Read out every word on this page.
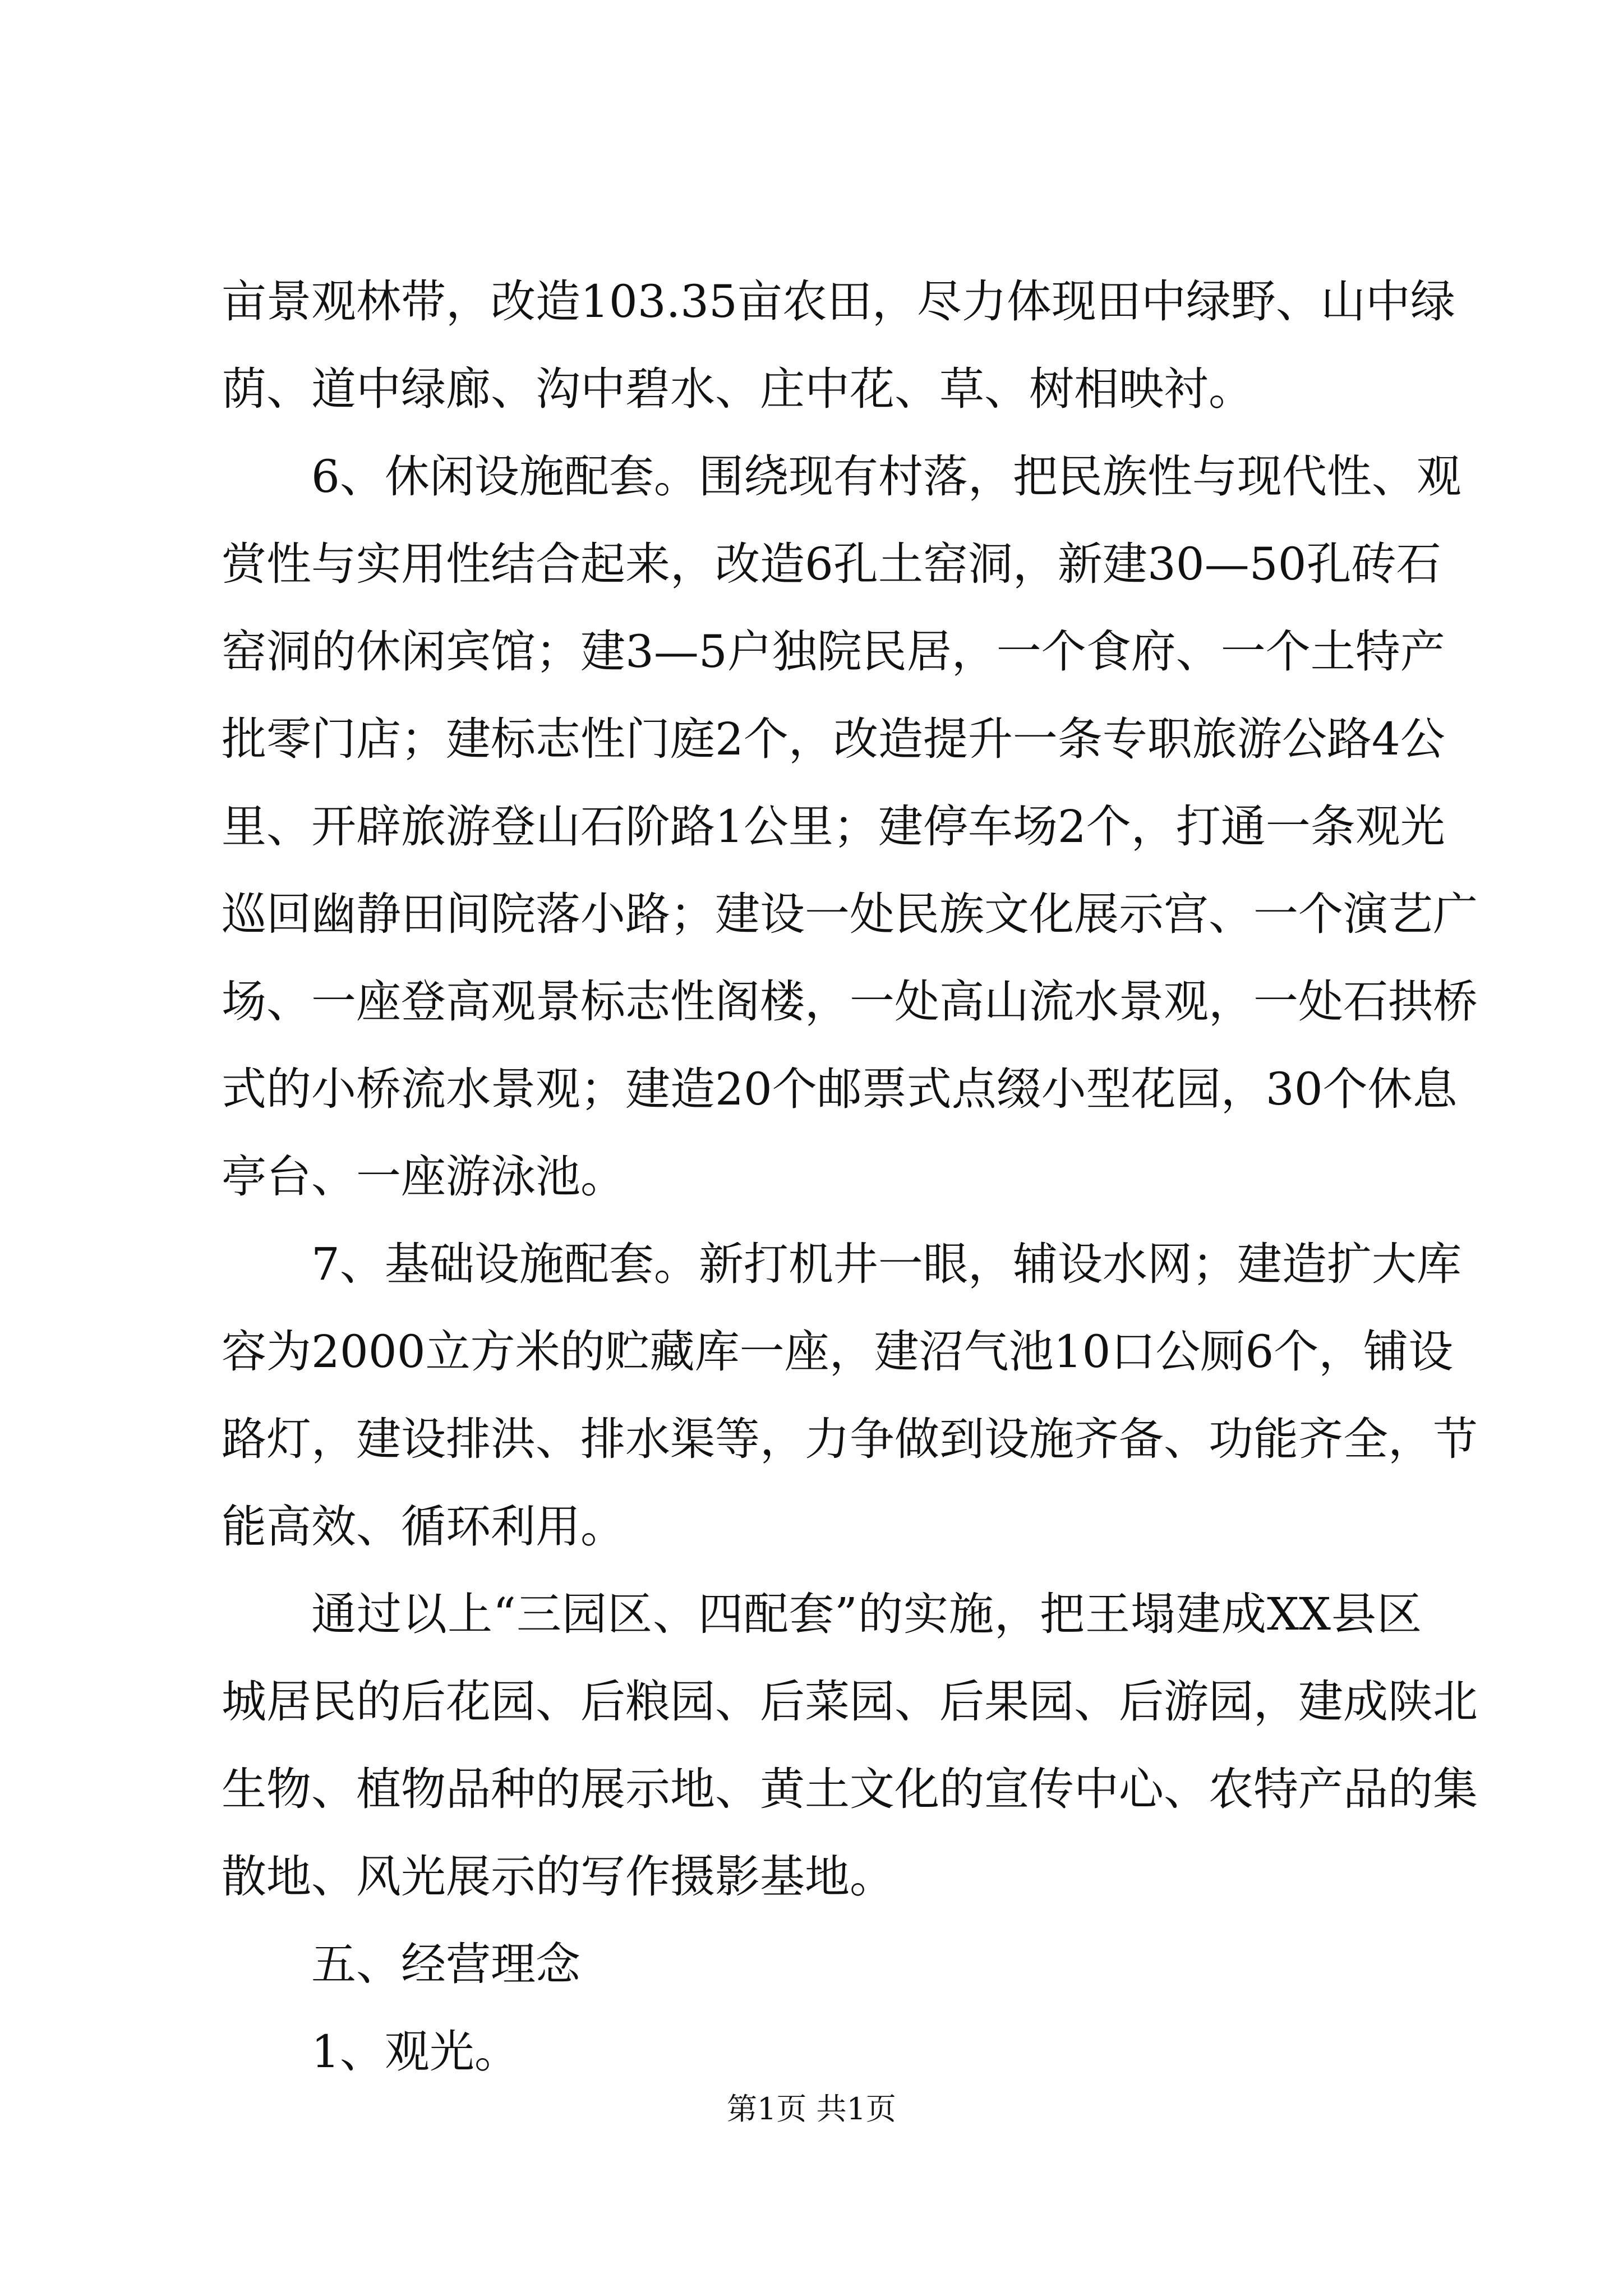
亩景观林带，改造103.35亩农田，尽力体现田中绿野、山中绿
荫、道中绿廊、沟中碧水、庄中花、草、树相映衬。
6、休闲设施配套。围绕现有村落，把民族性与现代性、观
赏性与实用性结合起来，改造6孔土窑洞，新建30—50孔砖石
窑洞的休闲宾馆；建3—5户独院民居，一个食府、一个土特产
批零门店；建标志性门庭2个，改造提升一条专职旅游公路4公
里、开辟旅游登山石阶路1公里；建停车场2个，打通一条观光
巡回幽静田间院落小路；建设一处民族文化展示宫、一个演艺广
场、一座登高观景标志性阁楼，一处高山流水景观，一处石拱桥
式的小桥流水景观；建造20个邮票式点缀小型花园，30个休息
亭台、一座游泳池。
7、基础设施配套。新打机井一眼，辅设水网；建造扩大库
容为2000立方米的贮藏库一座，建沼气池10口公厕6个，铺设
路灯，建设排洪、排水渠等，力争做到设施齐备、功能齐全，节
能高效、循环利用。
通过以上“三园区、四配套”的实施，把王塌建成XX县区
城居民的后花园、后粮园、后菜园、后果园、后游园，建成陕北
生物、植物品种的展示地、黄土文化的宣传中心、农特产品的集
散地、风光展示的写作摄影基地。
五、经营理念
1、观光。
第1页 共1页
